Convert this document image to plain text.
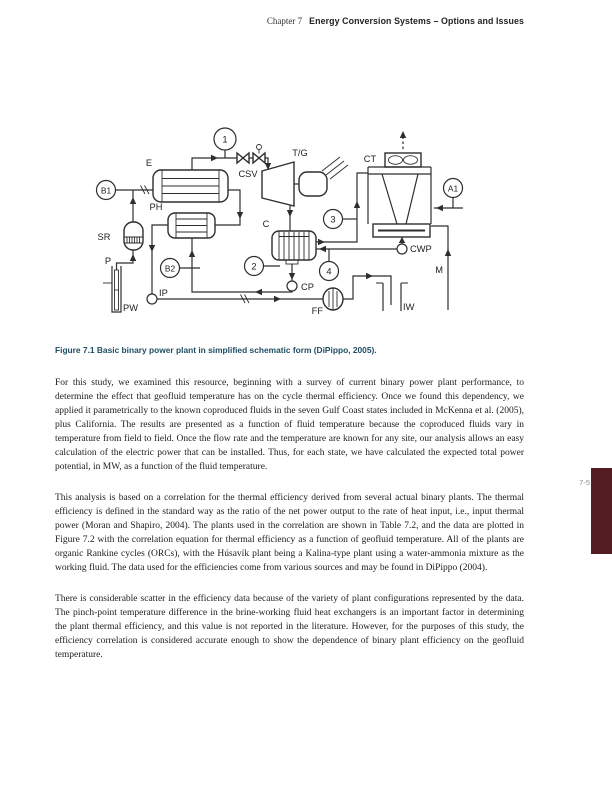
Chapter 7 Energy Conversion Systems – Options and Issues
1
2
3
4
B1
B2
A1
E
PH
SR
P
PW
IP
CP
FF	IW
CSV
T/G
C
CT
CWP
M
Figure 7.1 Basic binary power plant in simplified schematic form (DiPippo, 2005).

For this study, we examined this resource, beginning with a survey of current binary power plant performance, to determine the effect that geofluid temperature has on the cycle thermal efficiency. Once we found this dependency, we applied it parametrically to the known coproduced fluids in the seven Gulf Coast states included in McKenna et al. (2005), plus California. The results are presented as a function of fluid temperature because the coproduced fluids vary in temperature from field to field. Once the flow rate and the temperature are known for any site, our analysis allows an easy calculation of the electric power that can be installed. Thus, for each state, we have calculated the expected total power potential, in MW, as a function of the fluid temperature.

This analysis is based on a correlation for the thermal efficiency derived from several actual binary plants. The thermal efficiency is defined in the standard way as the ratio of the net power output to the rate of heat input, i.e., input thermal power (Moran and Shapiro, 2004). The plants used in the correlation are shown in Table 7.2, and the data are plotted in Figure 7.2 with the correlation equation for thermal efficiency as a function of geofluid temperature. All of the plants are organic Rankine cycles (ORCs), with the Húsavík plant being a Kalina-type plant using a water-ammonia mixture as the working fluid. The data used for the efficiencies come from various sources and may be found in DiPippo (2004).

There is considerable scatter in the efficiency data because of the variety of plant configurations represented by the data. The pinch-point temperature difference in the brine-working fluid heat exchangers is an important factor in determining the plant thermal efficiency, and this value is not reported in the literature. However, for the purposes of this study, the efficiency correlation is considered accurate enough to show the dependence of binary plant efficiency on the geofluid temperature.

7-5
